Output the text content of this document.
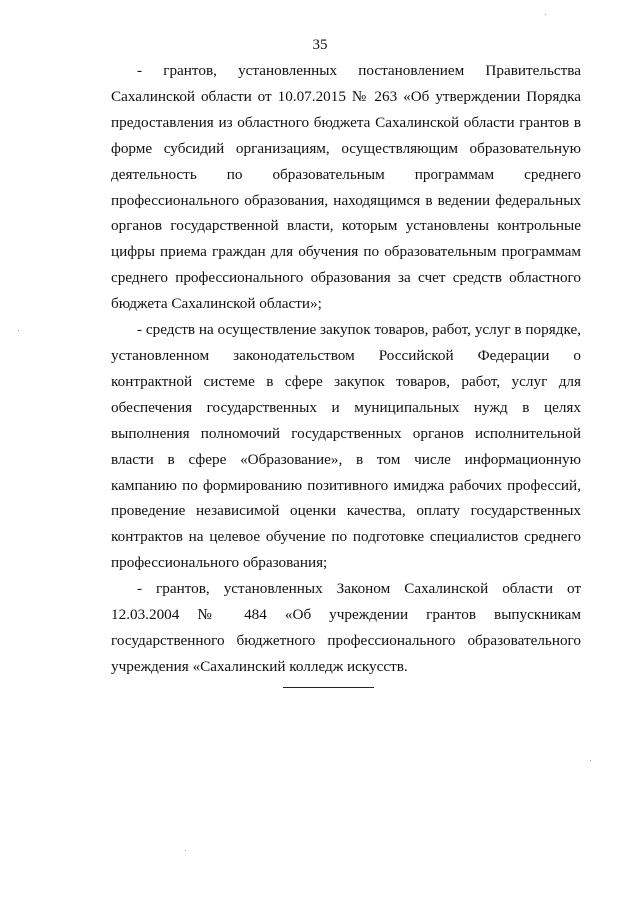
35

- грантов, установленных постановлением Правительства Сахалинской области от 10.07.2015 № 263 «Об утверждении Порядка предоставления из областного бюджета Сахалинской области грантов в форме субсидий организациям, осуществляющим образовательную деятельность по образовательным программам среднего профессионального образования, находящимся в ведении федеральных органов государственной власти, которым установлены контрольные цифры приема граждан для обучения по образовательным программам среднего профессионального образования за счет средств областного бюджета Сахалинской области»;

- средств на осуществление закупок товаров, работ, услуг в порядке, установленном законодательством Российской Федерации о контрактной системе в сфере закупок товаров, работ, услуг для обеспечения государственных и муниципальных нужд в целях выполнения полномочий государственных органов исполнительной власти в сфере «Образование», в том числе информационную кампанию по формированию позитивного имиджа рабочих профессий, проведение независимой оценки качества, оплату государственных контрактов на целевое обучение по подготовке специалистов среднего профессионального образования;

- грантов, установленных Законом Сахалинской области от 12.03.2004 № 484 «Об учреждении грантов выпускникам государственного бюджетного профессионального образовательного учреждения «Сахалинский колледж искусств.
